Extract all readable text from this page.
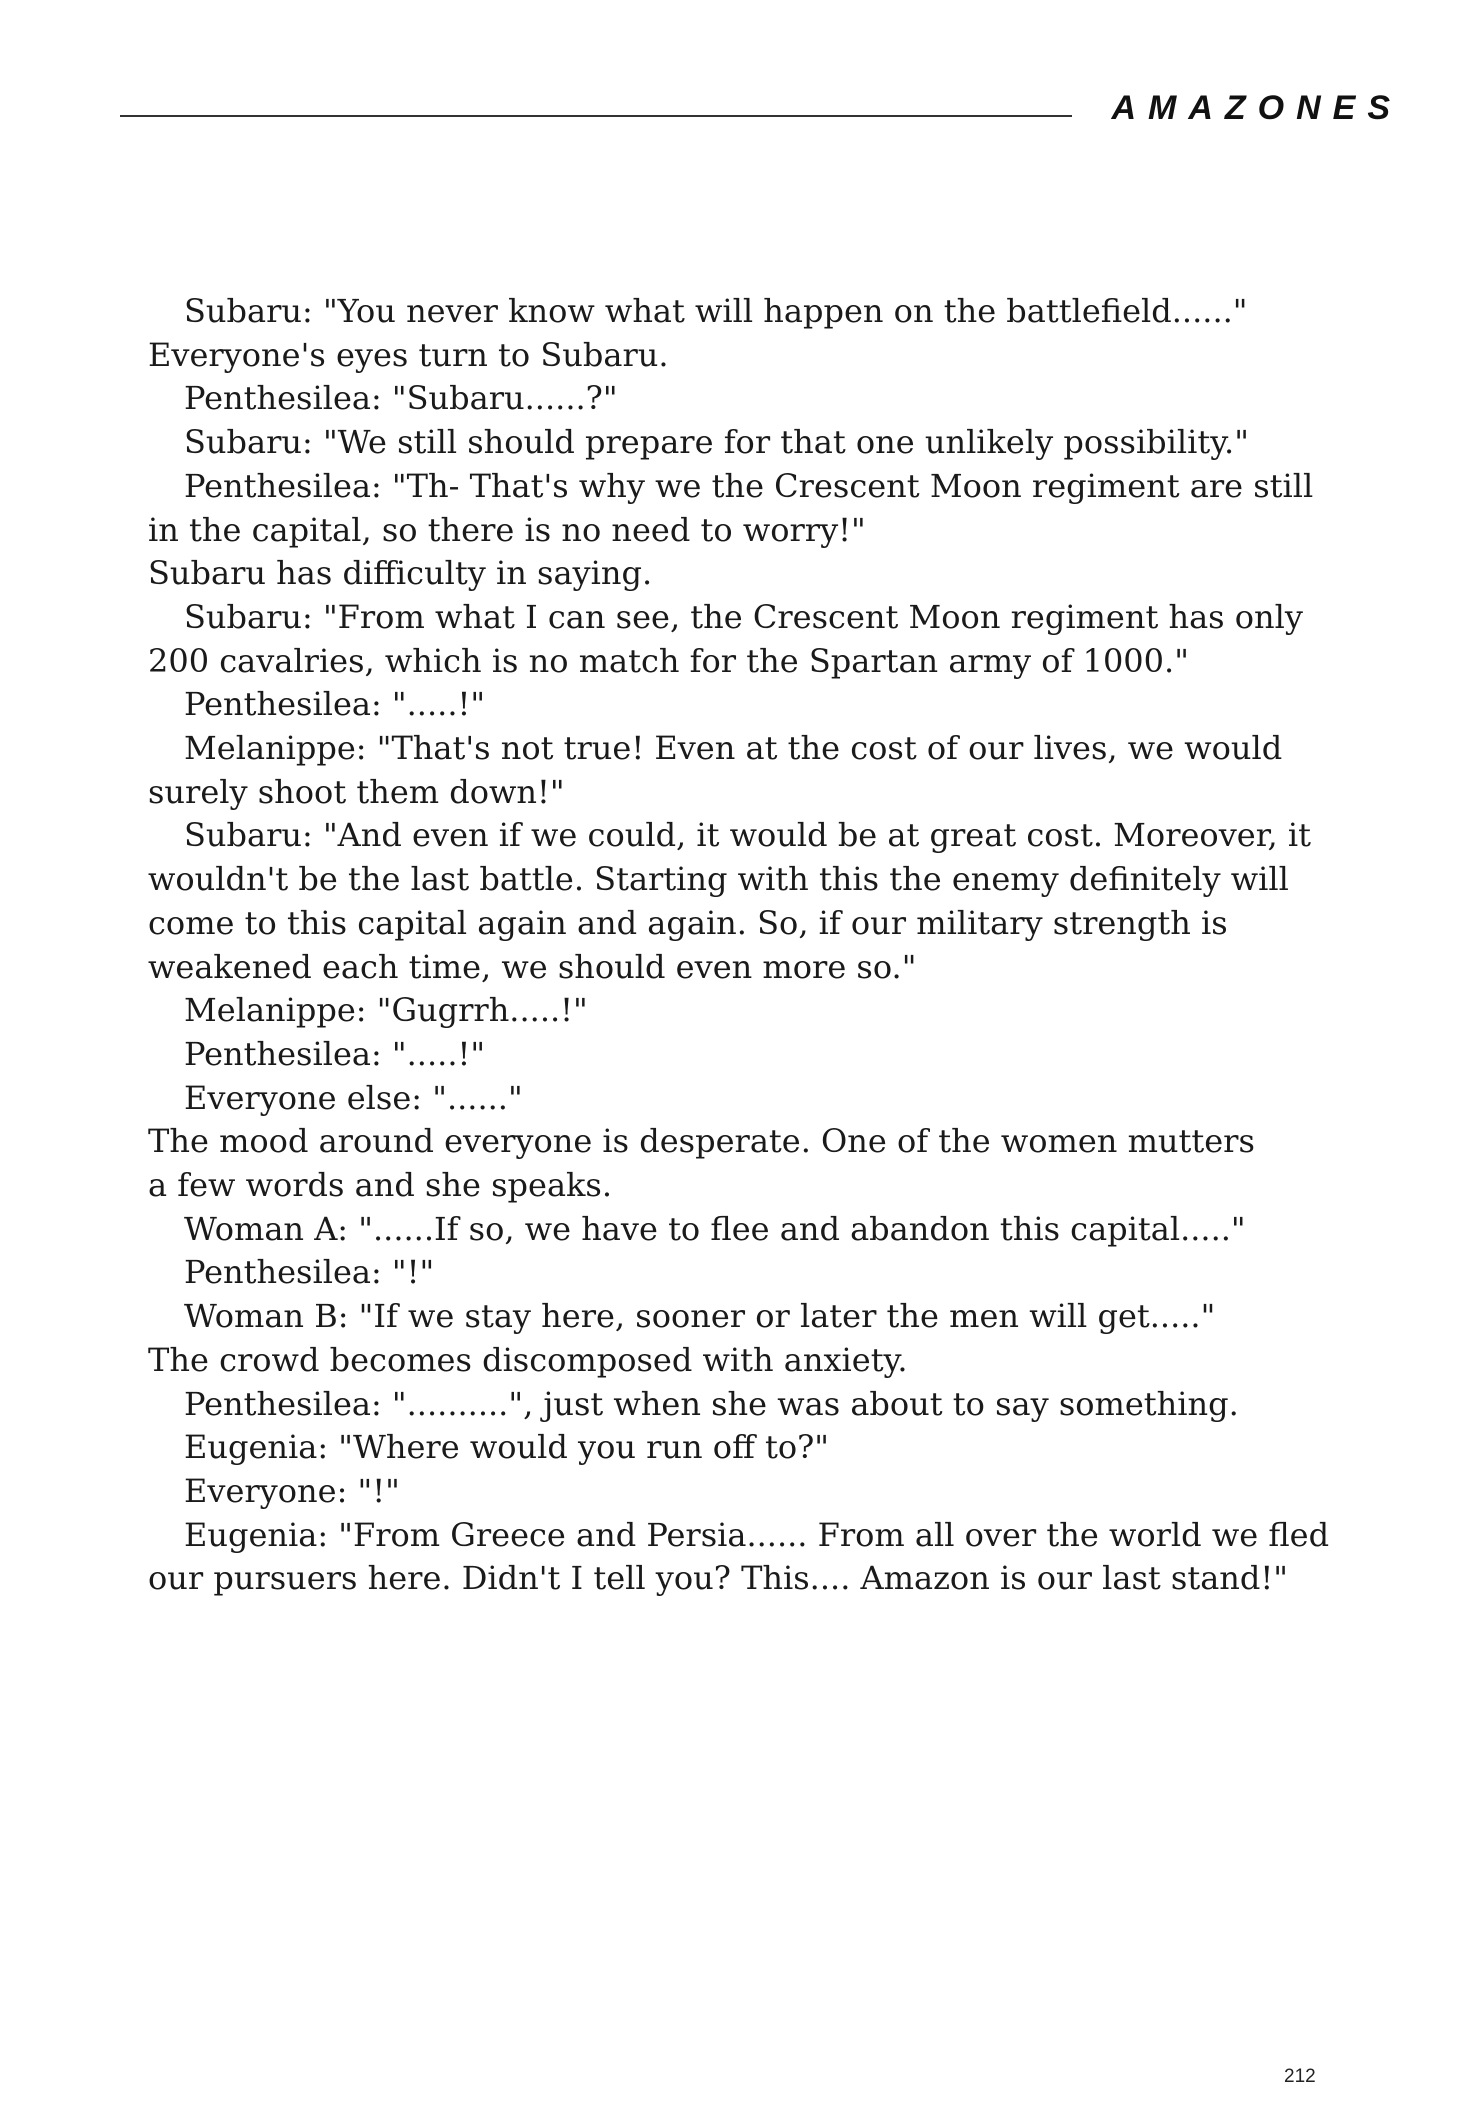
AMAZONES

Subaru: "You never know what will happen on the battlefield......"

Everyone's eyes turn to Subaru.

Penthesilea: "Subaru......?"

Subaru: "We still should prepare for that one unlikely possibility."

Penthesilea: "Th- That's why we the Crescent Moon regiment are still

in the capital, so there is no need to worry!"

Subaru has difficulty in saying.

Subaru: "From what I can see, the Crescent Moon regiment has only

200 cavalries, which is no match for the Spartan army of 1000."

Penthesilea: ".....!"

Melanippe: "That's not true! Even at the cost of our lives, we would

surely shoot them down!"

Subaru: "And even if we could, it would be at great cost. Moreover, it

wouldn't be the last battle. Starting with this the enemy definitely will

come to this capital again and again. So, if our military strength is

weakened each time, we should even more so."

Melanippe: "Gugrrh.....!"

Penthesilea: ".....!"

Everyone else: "......"

The mood around everyone is desperate. One of the women mutters

a few words and she speaks.

Woman A: "......If so, we have to flee and abandon this capital....."

Penthesilea: "!"

Woman B: "If we stay here, sooner or later the men will get....."

The crowd becomes discomposed with anxiety.

Penthesilea: "..........", just when she was about to say something.

Eugenia: "Where would you run off to?"

Everyone: "!"

Eugenia: "From Greece and Persia...... From all over the world we fled

our pursuers here. Didn't I tell you? This.... Amazon is our last stand!"

212
